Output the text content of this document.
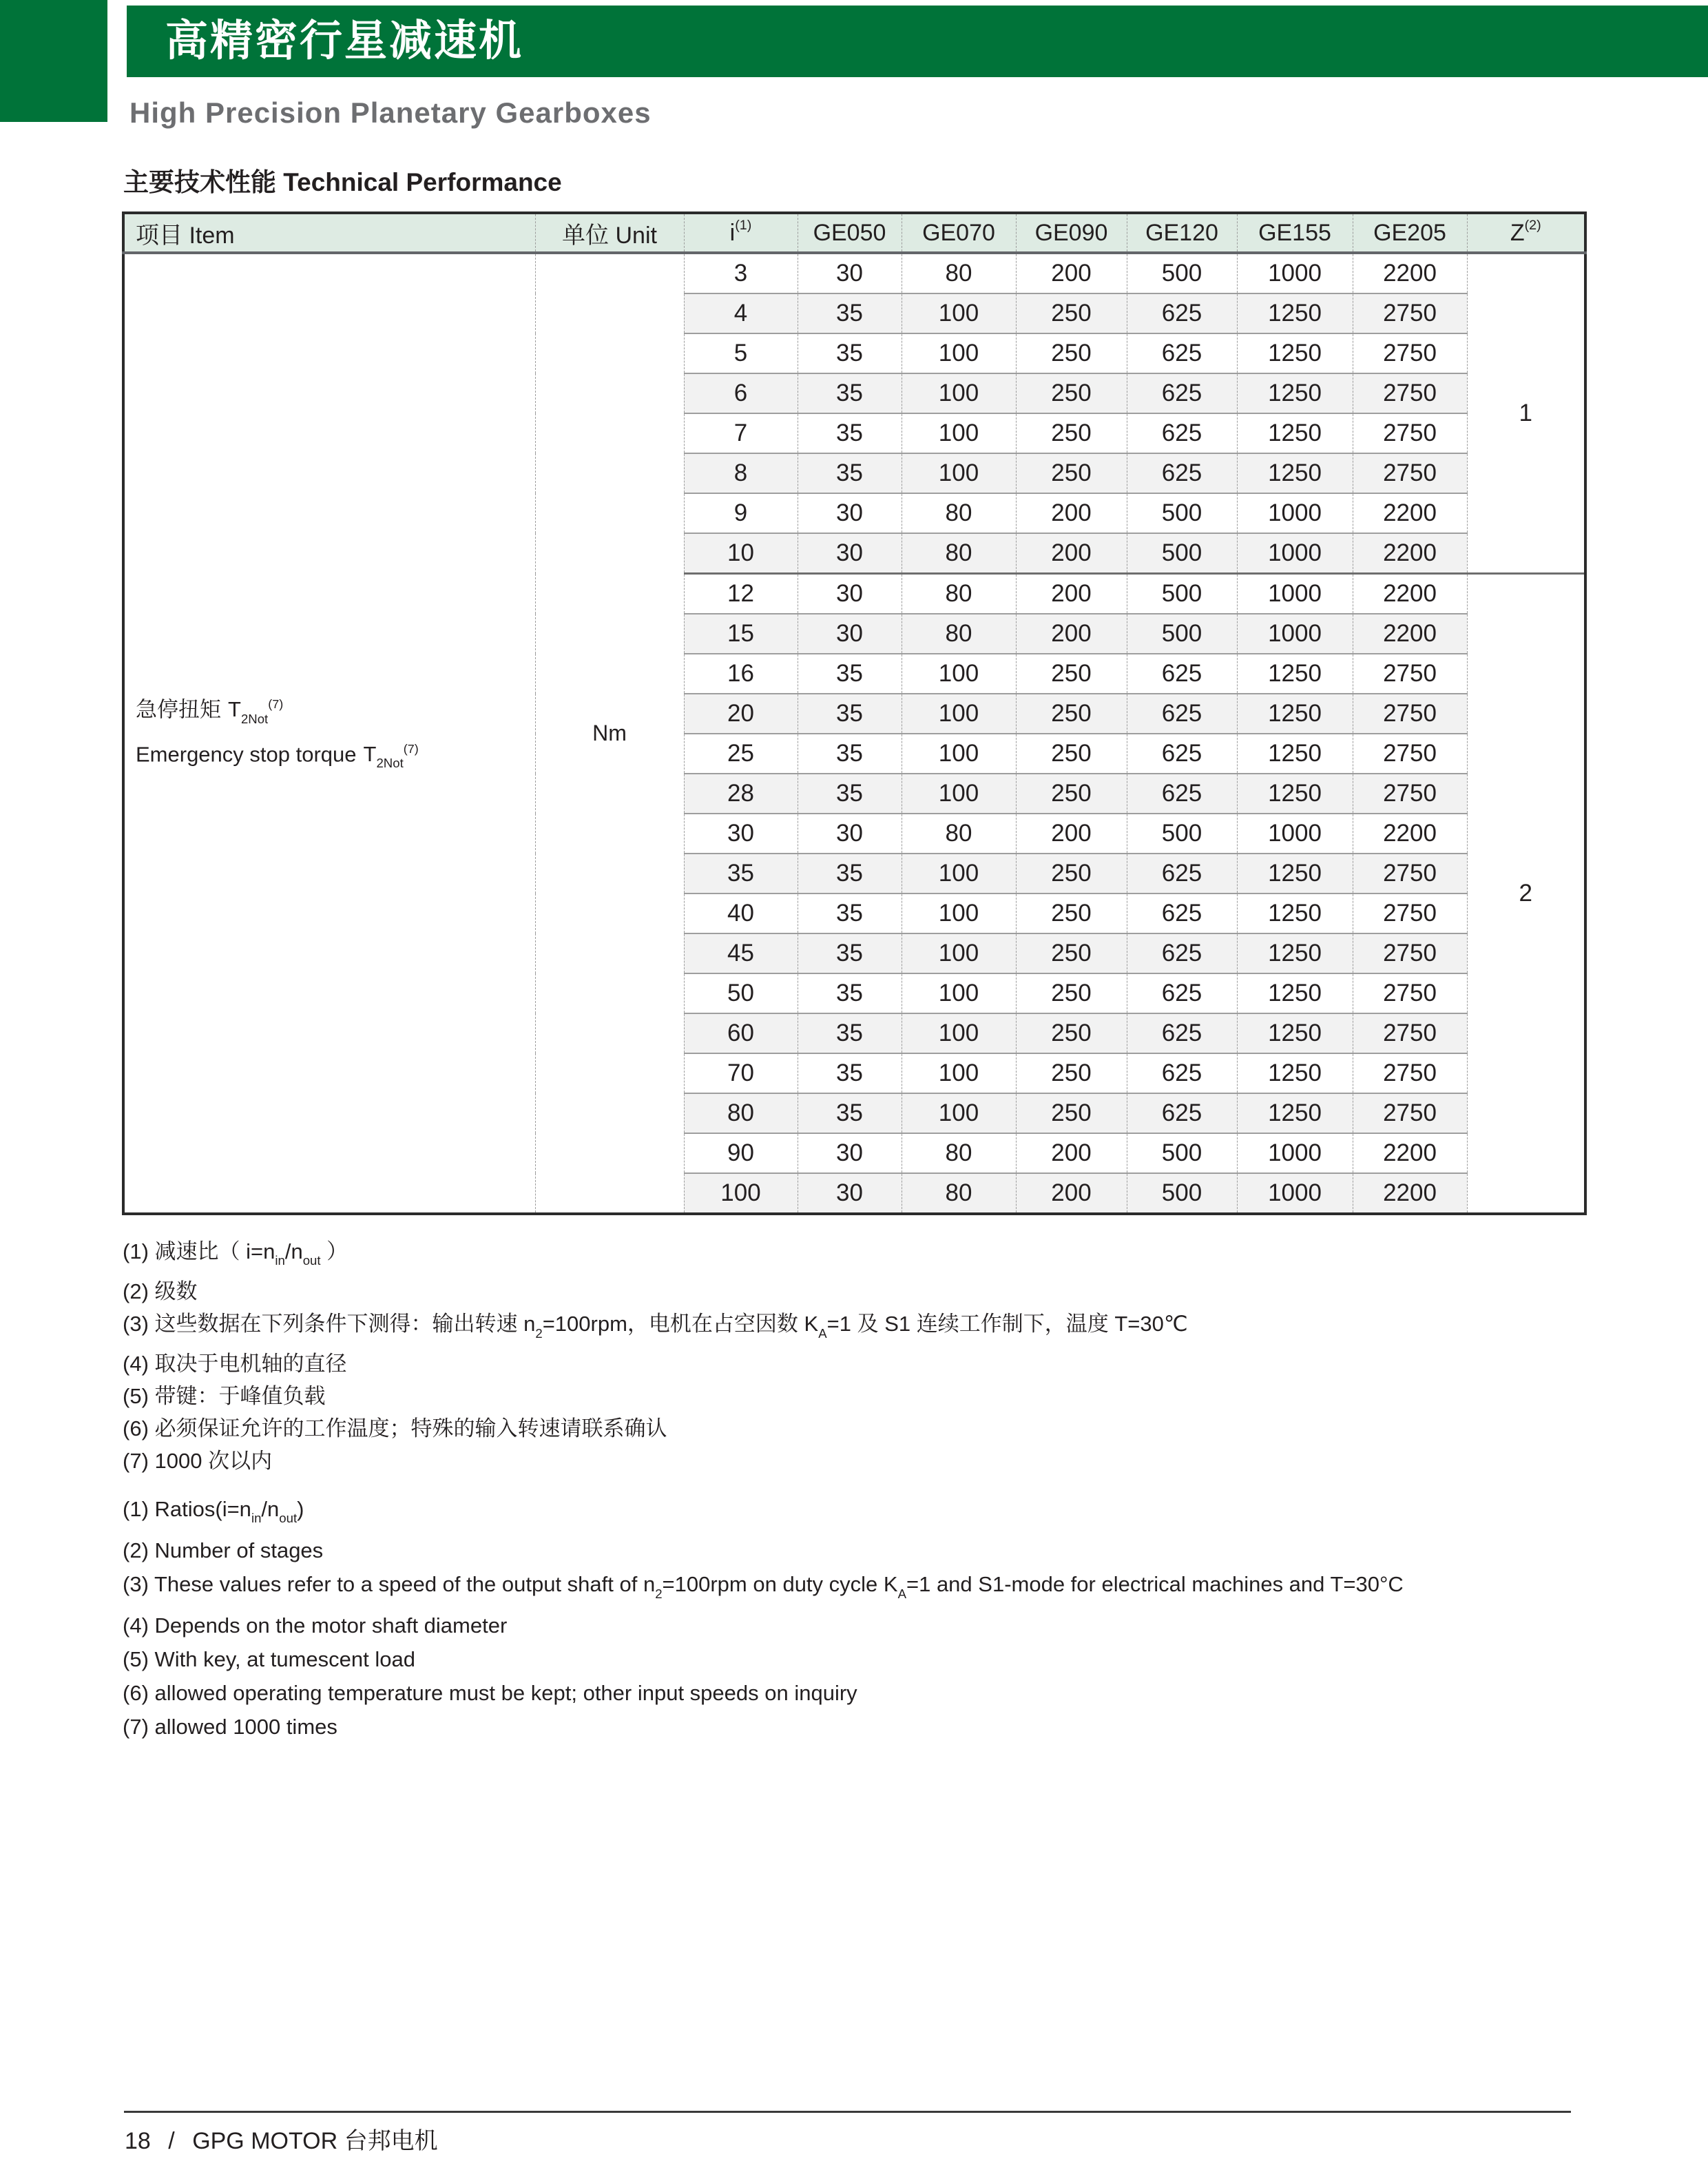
高精密行星减速机
High Precision Planetary Gearboxes
主要技术性能 Technical Performance
项目 Item	单位 Unit	$i^{(1)}$	GE050	GE070	GE090	GE120	GE155	GE205	$Z^{(2)}$

急停扭矩 $T_{2Not}^{(7)}$
Emergency stop torque $T_{2Not}^{(7)}$	Nm	3	30	80	200	500	1000	2200	1
		4	35	100	250	625	1250	2750	
		5	35	100	250	625	1250	2750	
		6	35	100	250	625	1250	2750	
		7	35	100	250	625	1250	2750	
		8	35	100	250	625	1250	2750	
		9	30	80	200	500	1000	2200	
		10	30	80	200	500	1000	2200	
		12	30	80	200	500	1000	2200	2
		15	30	80	200	500	1000	2200	
		16	35	100	250	625	1250	2750	
		20	35	100	250	625	1250	2750	
		25	35	100	250	625	1250	2750	
		28	35	100	250	625	1250	2750	
		30	30	80	200	500	1000	2200	
		35	35	100	250	625	1250	2750	
		40	35	100	250	625	1250	2750	
		45	35	100	250	625	1250	2750	
		50	35	100	250	625	1250	2750	
		60	35	100	250	625	1250	2750	
		70	35	100	250	625	1250	2750	
		80	35	100	250	625	1250	2750	
		90	30	80	200	500	1000	2200	
		100	30	80	200	500	1000	2200	
(1) 减速比（ $i=n_{in}/n_{out}$ ）
(2) 级数
(3) 这些数据在下列条件下测得：输出转速 $n_2=100rpm$，电机在占空因数 $K_A=1$ 及 S1 连续工作制下，温度 T=30℃
(4) 取决于电机轴的直径
(5) 带键：于峰值负载
(6) 必须保证允许的工作温度；特殊的输入转速请联系确认
(7) 1000 次以内
(1) $Ratios(i=n_{in}/n_{out})$
(2) Number of stages
(3) These values refer to a speed of the output shaft of $n_2=100rpm$ on duty cycle $K_A=1$ and S1-mode for electrical machines and T=30°C
(4) Depends on the motor shaft diameter
(5) With key, at tumescent load
(6) allowed operating temperature must be kept; other input speeds on inquiry
(7) allowed 1000 times
18 / GPG MOTOR 台邦电机
